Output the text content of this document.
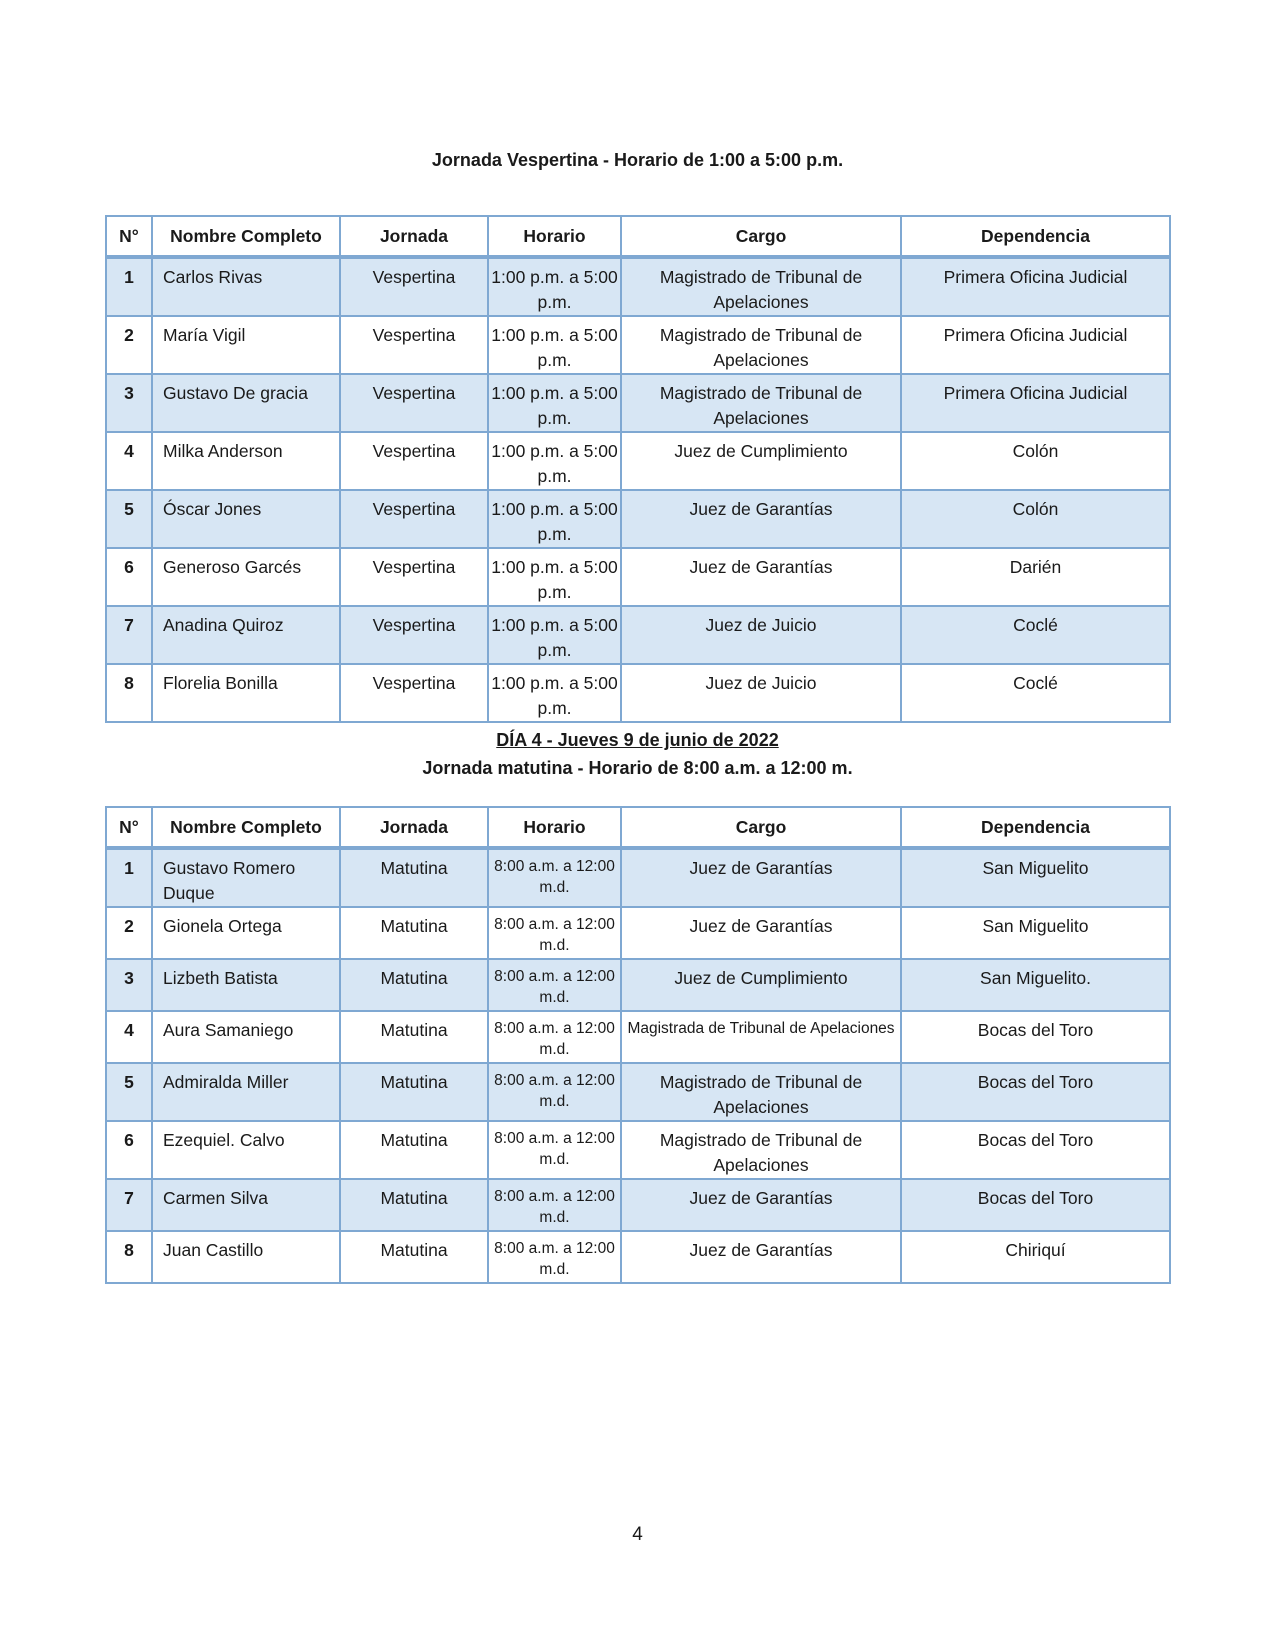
Jornada Vespertina - Horario de 1:00 a 5:00 p.m.
N°	Nombre Completo	Jornada	Horario	Cargo	Dependencia
1	Carlos Rivas	Vespertina	1:00 p.m. a 5:00 p.m.	Magistrado de Tribunal de Apelaciones	Primera Oficina Judicial
2	María Vigil	Vespertina	1:00 p.m. a 5:00 p.m.	Magistrado de Tribunal de Apelaciones	Primera Oficina Judicial
3	Gustavo De gracia	Vespertina	1:00 p.m. a 5:00 p.m.	Magistrado de Tribunal de Apelaciones	Primera Oficina Judicial
4	Milka Anderson	Vespertina	1:00 p.m. a 5:00 p.m.	Juez de Cumplimiento	Colón
5	Óscar Jones	Vespertina	1:00 p.m. a 5:00 p.m.	Juez de Garantías	Colón
6	Generoso Garcés	Vespertina	1:00 p.m. a 5:00 p.m.	Juez de Garantías	Darién
7	Anadina Quiroz	Vespertina	1:00 p.m. a 5:00 p.m.	Juez de Juicio	Coclé
8	Florelia Bonilla	Vespertina	1:00 p.m. a 5:00 p.m.	Juez de Juicio	Coclé
DÍA 4 - Jueves 9 de junio de 2022
Jornada matutina - Horario de 8:00 a.m. a 12:00 m.
N°	Nombre Completo	Jornada	Horario	Cargo	Dependencia
1	Gustavo Romero Duque	Matutina	8:00 a.m. a 12:00 m.d.	Juez de Garantías	San Miguelito
2	Gionela Ortega	Matutina	8:00 a.m. a 12:00 m.d.	Juez de Garantías	San Miguelito
3	Lizbeth Batista	Matutina	8:00 a.m. a 12:00 m.d.	Juez de Cumplimiento	San Miguelito.
4	Aura Samaniego	Matutina	8:00 a.m. a 12:00 m.d.	Magistrada de Tribunal de Apelaciones	Bocas del Toro
5	Admiralda Miller	Matutina	8:00 a.m. a 12:00 m.d.	Magistrado de Tribunal de Apelaciones	Bocas del Toro
6	Ezequiel. Calvo	Matutina	8:00 a.m. a 12:00 m.d.	Magistrado de Tribunal de Apelaciones	Bocas del Toro
7	Carmen Silva	Matutina	8:00 a.m. a 12:00 m.d.	Juez de Garantías	Bocas del Toro
8	Juan Castillo	Matutina	8:00 a.m. a 12:00 m.d.	Juez de Garantías	Chiriquí
4
